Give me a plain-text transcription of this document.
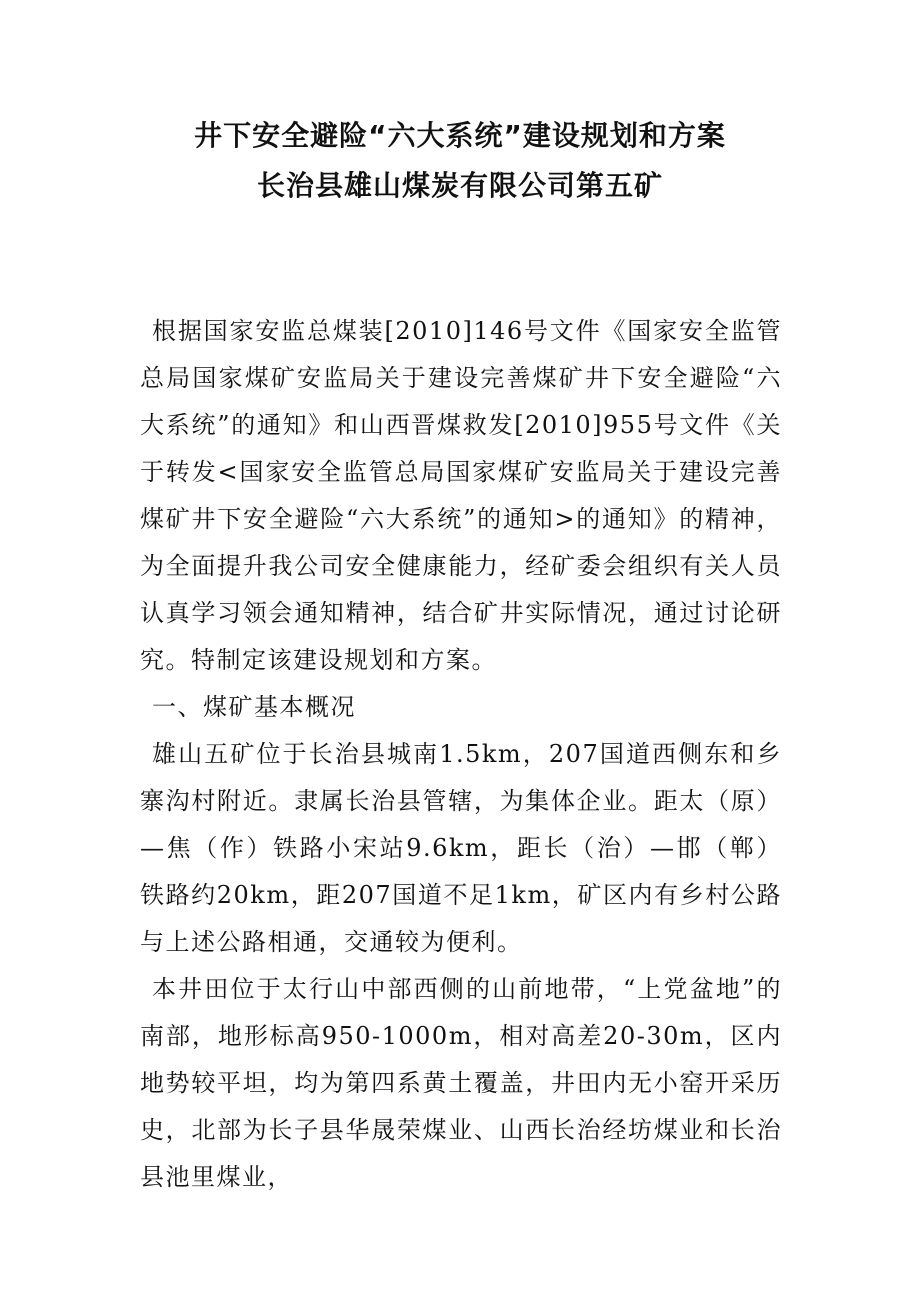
井下安全避险“六大系统”建设规划和方案
长治县雄山煤炭有限公司第五矿

根据国家安监总煤装[2010]146号文件《国家安全监管总局国家煤矿安监局关于建设完善煤矿井下安全避险“六大系统”的通知》和山西晋煤救发[2010]955号文件《关于转发<国家安全监管总局国家煤矿安监局关于建设完善煤矿井下安全避险“六大系统”的通知>的通知》的精神，为全面提升我公司安全健康能力，经矿委会组织有关人员认真学习领会通知精神，结合矿井实际情况，通过讨论研究。特制定该建设规划和方案。

一、煤矿基本概况

雄山五矿位于长治县城南1.5km，207国道西侧东和乡寨沟村附近。隶属长治县管辖，为集体企业。距太（原）—焦（作）铁路小宋站9.6km，距长（治）—邯（郸）铁路约20km，距207国道不足1km，矿区内有乡村公路与上述公路相通，交通较为便利。

本井田位于太行山中部西侧的山前地带，“上党盆地”的南部，地形标高950-1000m，相对高差20-30m，区内地势较平坦，均为第四系黄土覆盖，井田内无小窑开采历史，北部为长子县华晟荣煤业、山西长治经坊煤业和长治县池里煤业，
